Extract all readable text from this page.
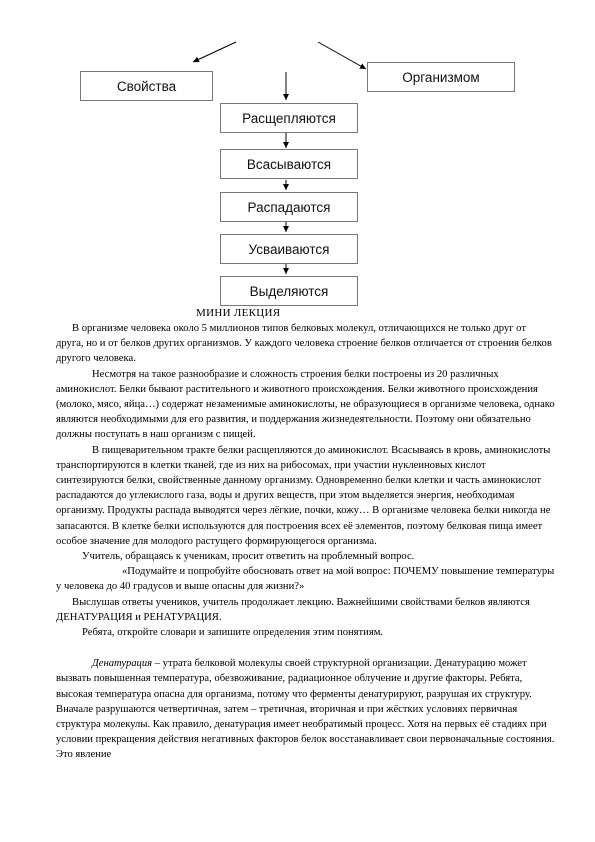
Свойства
Организмом
Расщепляются
Всасываются
Распадаются
Усваиваются
Выделяются
МИНИ ЛЕКЦИЯ

В организме человека около 5 миллионов типов белковых молекул, отличающихся не только друг от друга, но и от белков других организмов. У каждого человека строение белков отличается от строения белков другого человека.

Несмотря на такое разнообразие и сложность строения белки построены из 20 различных аминокислот. Белки бывают растительного и животного происхождения. Белки животного происхождения (молоко, мясо, яйца…) содержат незаменимые аминокислоты, не образующиеся в организме человека, однако являются необходимыми для его развития, и поддержания жизнедеятельности. Поэтому они обязательно должны поступать в наш организм с пищей.

В пищеварительном тракте белки расщепляются до аминокислот. Всасываясь в кровь, аминокислоты транспортируются в клетки тканей, где из них на рибосомах, при участии нуклеиновых кислот синтезируются белки, свойственные данному организму. Одновременно белки клетки и часть аминокислот распадаются до углекислого газа, воды и других веществ, при этом выделяется энергия, необходимая организму. Продукты распада выводятся через лёгкие, почки, кожу… В организме человека белки никогда не запасаются. В клетке белки используются для построения всех её элементов, поэтому белковая пища имеет особое значение для молодого растущего формирующегося организма.

Учитель, обращаясь к ученикам, просит ответить на проблемный вопрос.

«Подумайте и попробуйте обосновать ответ на мой вопрос: ПОЧЕМУ повышение температуры у человека до 40 градусов и выше опасны для жизни?»

Выслушав ответы учеников, учитель продолжает лекцию. Важнейшими свойствами белков являются ДЕНАТУРАЦИЯ и РЕНАТУРАЦИЯ.

Ребята, откройте словари и запишите определения этим понятиям.

Денатурация – утрата белковой молекулы своей структурной организации. Денатурацию может вызвать повышенная температура, обезвоживание, радиационное облучение и другие факторы. Ребята, высокая температура опасна для организма, потому что ферменты денатурируют, разрушая их структуру. Вначале разрушаются четвертичная, затем – третичная, вторичная и при жёстких условиях первичная структура молекулы. Как правило, денатурация имеет необратимый процесс. Хотя на первых её стадиях при условии прекращения действия негативных факторов белок восстанавливает свои первоначальные состояния. Это явление
